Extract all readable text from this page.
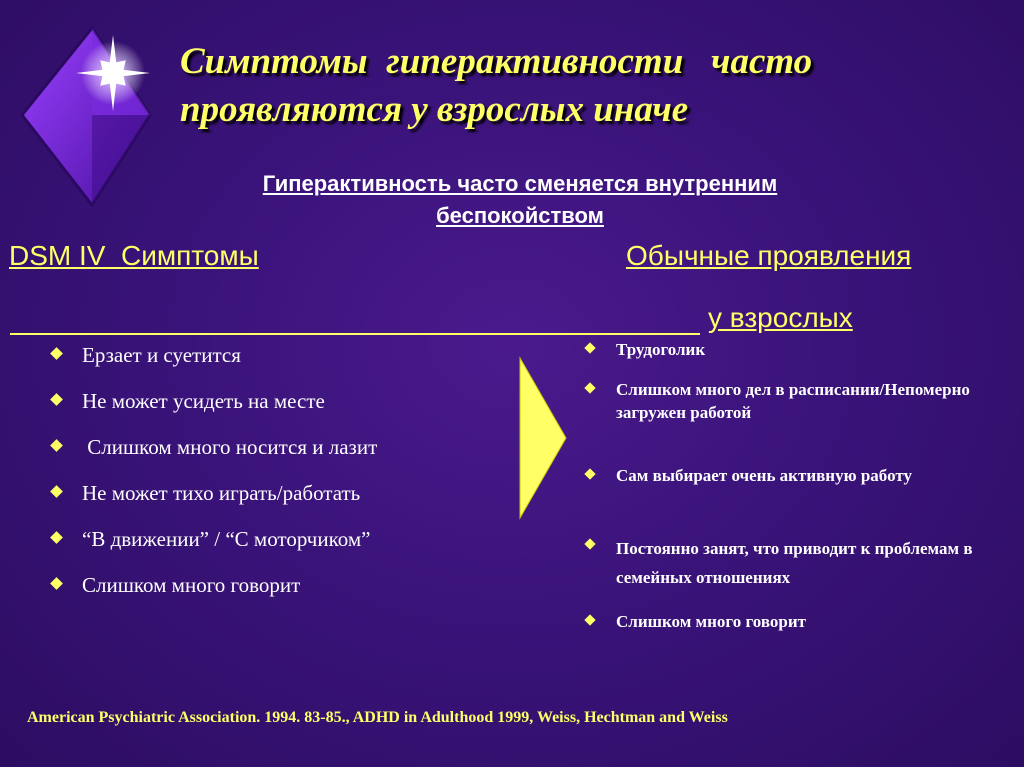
Симптомы  гиперактивности   часто
проявляются у взрослых иначе
Гиперактивность часто сменяется внутренним
беспокойством
DSM IV  Симптомы	Обычные проявления
у взрослых
Ерзает и суетится
Не может усидеть на месте
Слишком много носится и лазит
Не может тихо играть/работать
“В движении” / “С моторчиком”
Слишком много говорит
Трудоголик
Слишком много дел в расписании/Непомерно  загружен работой
Сам выбирает очень активную работу
Постоянно занят, что приводит к проблемам в семейных отношениях
Слишком много говорит
American Psychiatric Association. 1994. 83-85., ADHD in Adulthood 1999, Weiss, Hechtman and Weiss
